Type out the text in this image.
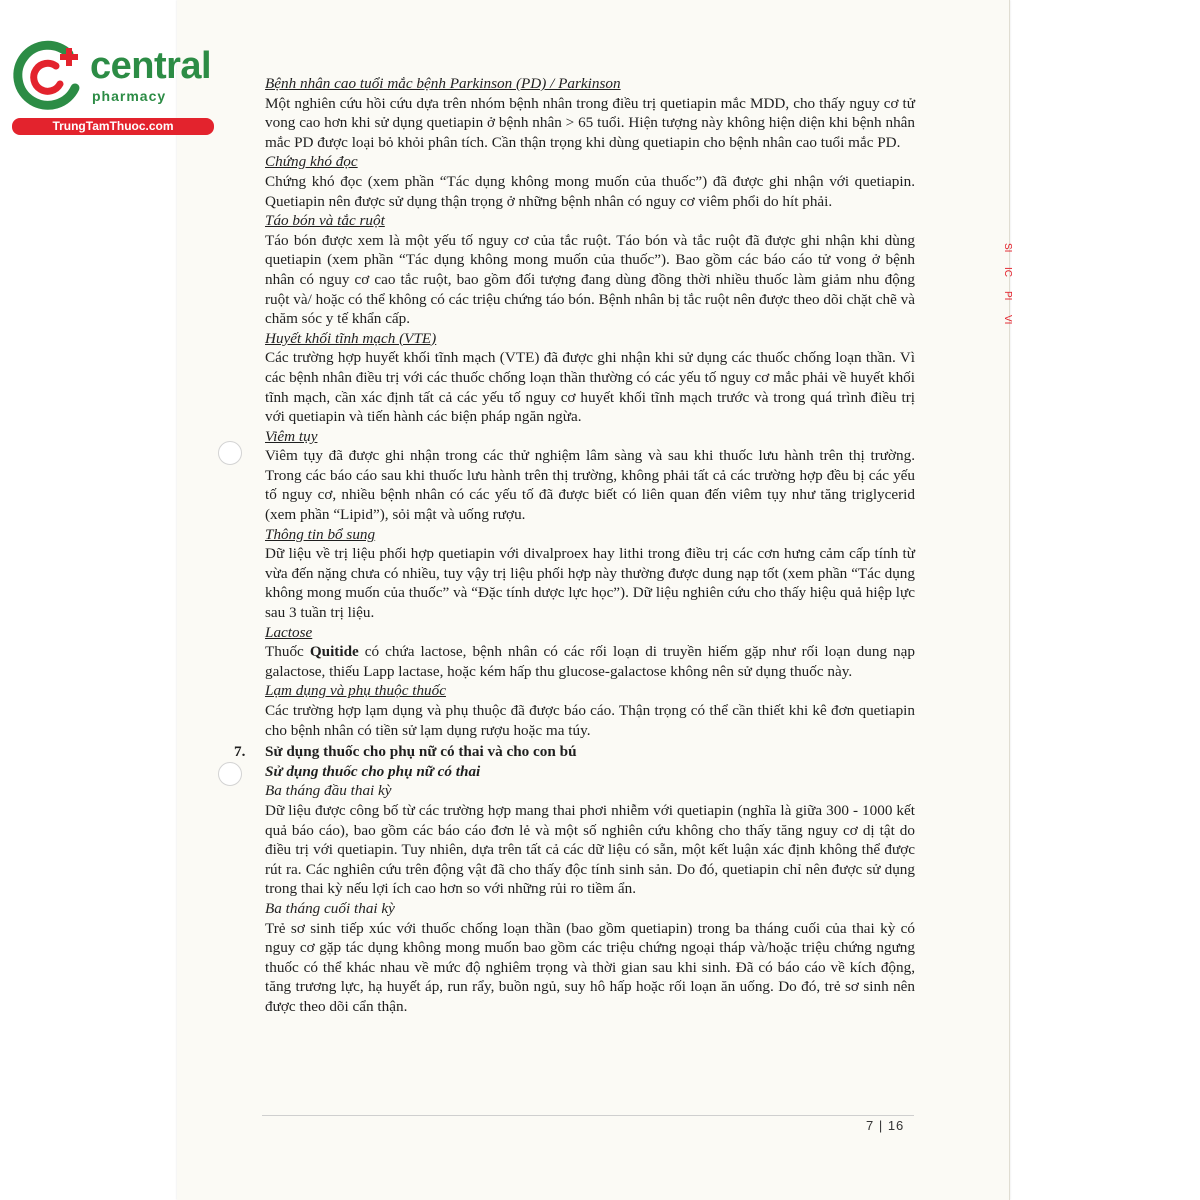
central
pharmacy
TrungTamThuoc.com
SI
IC
PI
VI
Bệnh nhân cao tuổi mắc bệnh Parkinson (PD) / Parkinson
Một nghiên cứu hồi cứu dựa trên nhóm bệnh nhân trong điều trị quetiapin mắc MDD, cho thấy nguy cơ tử vong cao hơn khi sử dụng quetiapin ở bệnh nhân > 65 tuổi. Hiện tượng này không hiện diện khi bệnh nhân mắc PD được loại bỏ khỏi phân tích. Cần thận trọng khi dùng quetiapin cho bệnh nhân cao tuổi mắc PD.
Chứng khó đọc
Chứng khó đọc (xem phần “Tác dụng không mong muốn của thuốc”) đã được ghi nhận với quetiapin. Quetiapin nên được sử dụng thận trọng ở những bệnh nhân có nguy cơ viêm phổi do hít phải.
Táo bón và tắc ruột
Táo bón được xem là một yếu tố nguy cơ của tắc ruột. Táo bón và tắc ruột đã được ghi nhận khi dùng quetiapin (xem phần “Tác dụng không mong muốn của thuốc”). Bao gồm các báo cáo tử vong ở bệnh nhân có nguy cơ cao tắc ruột, bao gồm đối tượng đang dùng đồng thời nhiều thuốc làm giảm nhu động ruột và/ hoặc có thể không có các triệu chứng táo bón. Bệnh nhân bị tắc ruột nên được theo dõi chặt chẽ và chăm sóc y tế khẩn cấp.
Huyết khối tĩnh mạch (VTE)
Các trường hợp huyết khối tĩnh mạch (VTE) đã được ghi nhận khi sử dụng các thuốc chống loạn thần. Vì các bệnh nhân điều trị với các thuốc chống loạn thần thường có các yếu tố nguy cơ mắc phải về huyết khối tĩnh mạch, cần xác định tất cả các yếu tố nguy cơ huyết khối tĩnh mạch trước và trong quá trình điều trị với quetiapin và tiến hành các biện pháp ngăn ngừa.
Viêm tụy
Viêm tụy đã được ghi nhận trong các thử nghiệm lâm sàng và sau khi thuốc lưu hành trên thị trường. Trong các báo cáo sau khi thuốc lưu hành trên thị trường, không phải tất cả các trường hợp đều bị các yếu tố nguy cơ, nhiều bệnh nhân có các yếu tố đã được biết có liên quan đến viêm tụy như tăng triglycerid (xem phần “Lipid”), sỏi mật và uống rượu.
Thông tin bổ sung
Dữ liệu về trị liệu phối hợp quetiapin với divalproex hay lithi trong điều trị các cơn hưng cảm cấp tính từ vừa đến nặng chưa có nhiều, tuy vậy trị liệu phối hợp này thường được dung nạp tốt (xem phần “Tác dụng không mong muốn của thuốc” và “Đặc tính dược lực học”). Dữ liệu nghiên cứu cho thấy hiệu quả hiệp lực sau 3 tuần trị liệu.
Lactose
Thuốc Quitide có chứa lactose, bệnh nhân có các rối loạn di truyền hiếm gặp như rối loạn dung nạp galactose, thiếu Lapp lactase, hoặc kém hấp thu glucose-galactose không nên sử dụng thuốc này.
Lạm dụng và phụ thuộc thuốc
Các trường hợp lạm dụng và phụ thuộc đã được báo cáo. Thận trọng có thể cần thiết khi kê đơn quetiapin cho bệnh nhân có tiền sử lạm dụng rượu hoặc ma túy.
7. Sử dụng thuốc cho phụ nữ có thai và cho con bú
Sử dụng thuốc cho phụ nữ có thai
Ba tháng đầu thai kỳ
Dữ liệu được công bố từ các trường hợp mang thai phơi nhiễm với quetiapin (nghĩa là giữa 300 - 1000 kết quả báo cáo), bao gồm các báo cáo đơn lẻ và một số nghiên cứu không cho thấy tăng nguy cơ dị tật do điều trị với quetiapin. Tuy nhiên, dựa trên tất cả các dữ liệu có sẵn, một kết luận xác định không thể được rút ra. Các nghiên cứu trên động vật đã cho thấy độc tính sinh sản. Do đó, quetiapin chỉ nên được sử dụng trong thai kỳ nếu lợi ích cao hơn so với những rủi ro tiềm ẩn.
Ba tháng cuối thai kỳ
Trẻ sơ sinh tiếp xúc với thuốc chống loạn thần (bao gồm quetiapin) trong ba tháng cuối của thai kỳ có nguy cơ gặp tác dụng không mong muốn bao gồm các triệu chứng ngoại tháp và/hoặc triệu chứng ngưng thuốc có thể khác nhau về mức độ nghiêm trọng và thời gian sau khi sinh. Đã có báo cáo về kích động, tăng trương lực, hạ huyết áp, run rẩy, buồn ngủ, suy hô hấp hoặc rối loạn ăn uống. Do đó, trẻ sơ sinh nên được theo dõi cẩn thận.
7 | 16
